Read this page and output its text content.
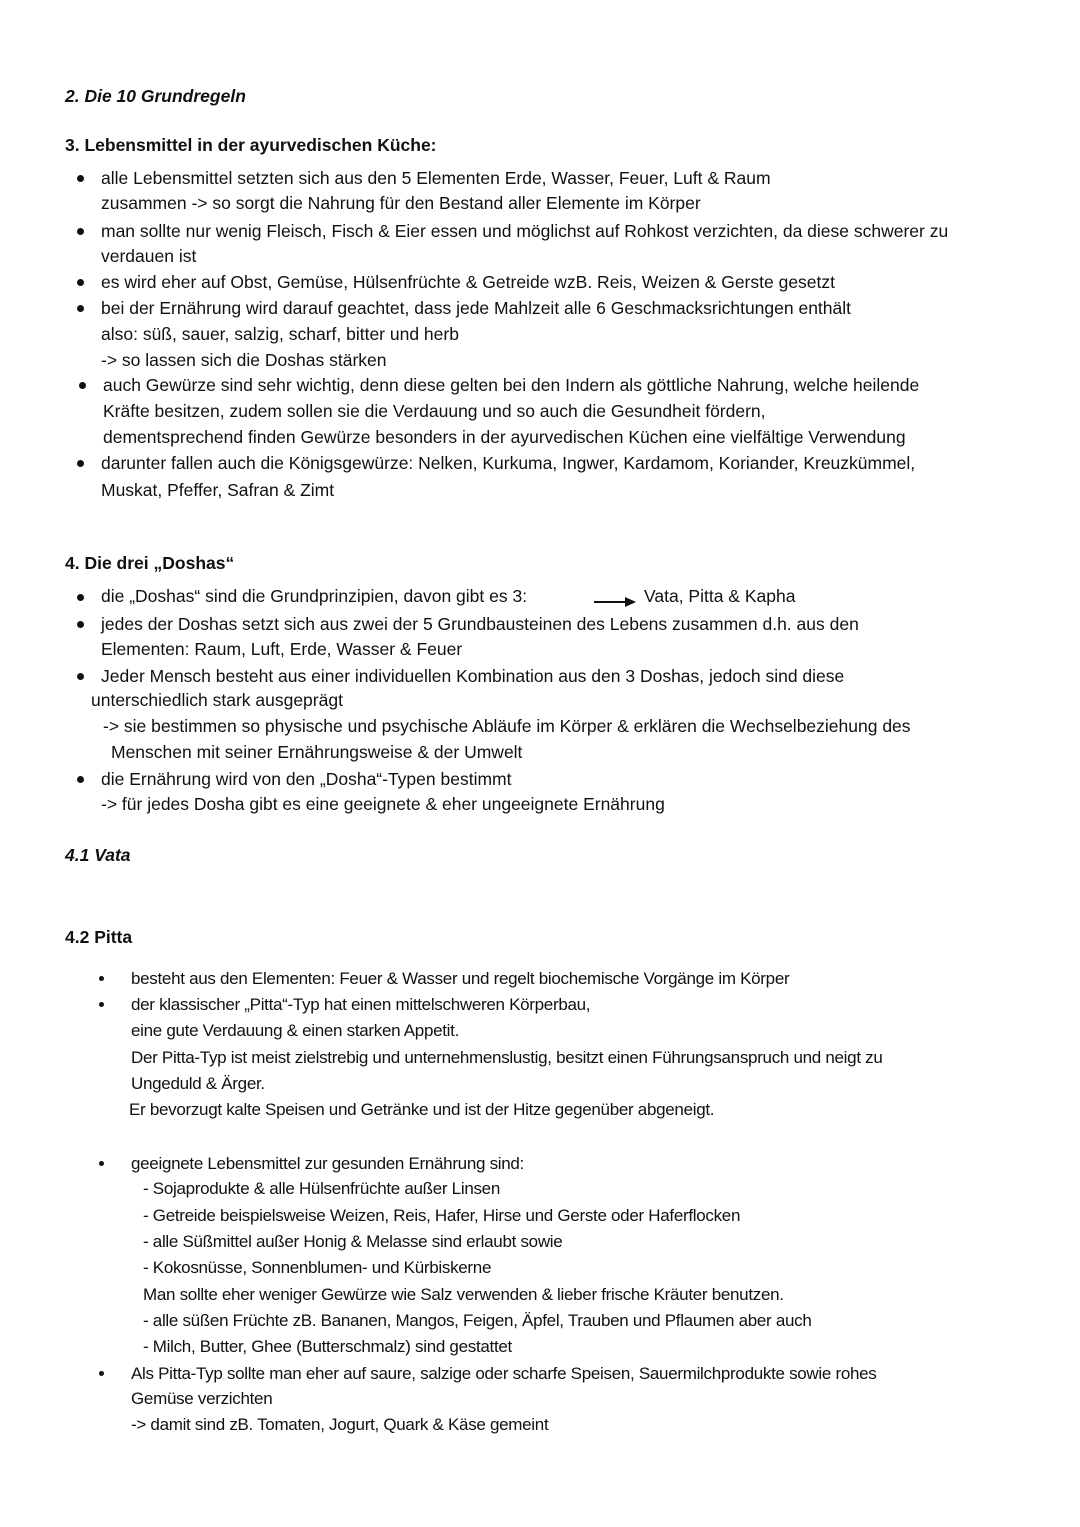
2. Die 10 Grundregeln
3. Lebensmittel in der ayurvedischen Küche:
alle Lebensmittel setzten sich aus den 5 Elementen Erde, Wasser, Feuer, Luft & Raum
zusammen -> so sorgt die Nahrung für den Bestand aller Elemente im Körper
man sollte nur wenig Fleisch, Fisch & Eier essen und möglichst auf Rohkost verzichten, da diese schwerer zu
verdauen ist
es wird eher auf Obst, Gemüse, Hülsenfrüchte & Getreide wzB. Reis, Weizen & Gerste gesetzt
bei der Ernährung wird darauf geachtet, dass jede Mahlzeit alle 6 Geschmacksrichtungen enthält
also: süß, sauer, salzig, scharf, bitter und herb
-> so lassen sich die Doshas stärken
auch Gewürze sind sehr wichtig, denn diese gelten bei den Indern als göttliche Nahrung, welche heilende
Kräfte besitzen, zudem sollen sie die Verdauung und so auch die Gesundheit fördern,
dementsprechend finden Gewürze besonders in der ayurvedischen Küchen eine vielfältige Verwendung
darunter fallen auch die Königsgewürze: Nelken, Kurkuma, Ingwer, Kardamom, Koriander, Kreuzkümmel,
Muskat, Pfeffer, Safran & Zimt
4. Die drei „Doshas“
die „Doshas“ sind die Grundprinzipien, davon gibt es 3:	Vata, Pitta & Kapha
jedes der Doshas setzt sich aus zwei der 5 Grundbausteinen des Lebens zusammen d.h. aus den
Elementen: Raum, Luft, Erde, Wasser & Feuer
Jeder Mensch besteht aus einer individuellen Kombination aus den 3 Doshas, jedoch sind diese
unterschiedlich stark ausgeprägt
-> sie bestimmen so physische und psychische Abläufe im Körper & erklären die Wechselbeziehung des
Menschen mit seiner Ernährungsweise & der Umwelt
die Ernährung wird von den „Dosha“-Typen bestimmt
-> für jedes Dosha gibt es eine geeignete & eher ungeeignete Ernährung
4.1 Vata
4.2 Pitta
besteht aus den Elementen: Feuer & Wasser und regelt biochemische Vorgänge im Körper
der klassischer „Pitta“-Typ hat einen mittelschweren Körperbau,
eine gute Verdauung & einen starken Appetit.
Der Pitta-Typ ist meist zielstrebig und unternehmenslustig, besitzt einen Führungsanspruch und neigt zu
Ungeduld & Ärger.
Er bevorzugt kalte Speisen und Getränke und ist der Hitze gegenüber abgeneigt.
geeignete Lebensmittel zur gesunden Ernährung sind:
- Sojaprodukte & alle Hülsenfrüchte außer Linsen
- Getreide beispielsweise Weizen, Reis, Hafer, Hirse und Gerste oder Haferflocken
- alle Süßmittel außer Honig & Melasse sind erlaubt sowie
- Kokosnüsse, Sonnenblumen- und Kürbiskerne
Man sollte eher weniger Gewürze wie Salz verwenden & lieber frische Kräuter benutzen.
- alle süßen Früchte zB. Bananen, Mangos, Feigen, Äpfel, Trauben und Pflaumen aber auch
- Milch, Butter, Ghee (Butterschmalz) sind gestattet
Als Pitta-Typ sollte man eher auf saure, salzige oder scharfe Speisen, Sauermilchprodukte sowie rohes
Gemüse verzichten
-> damit sind zB. Tomaten, Jogurt, Quark & Käse gemeint
